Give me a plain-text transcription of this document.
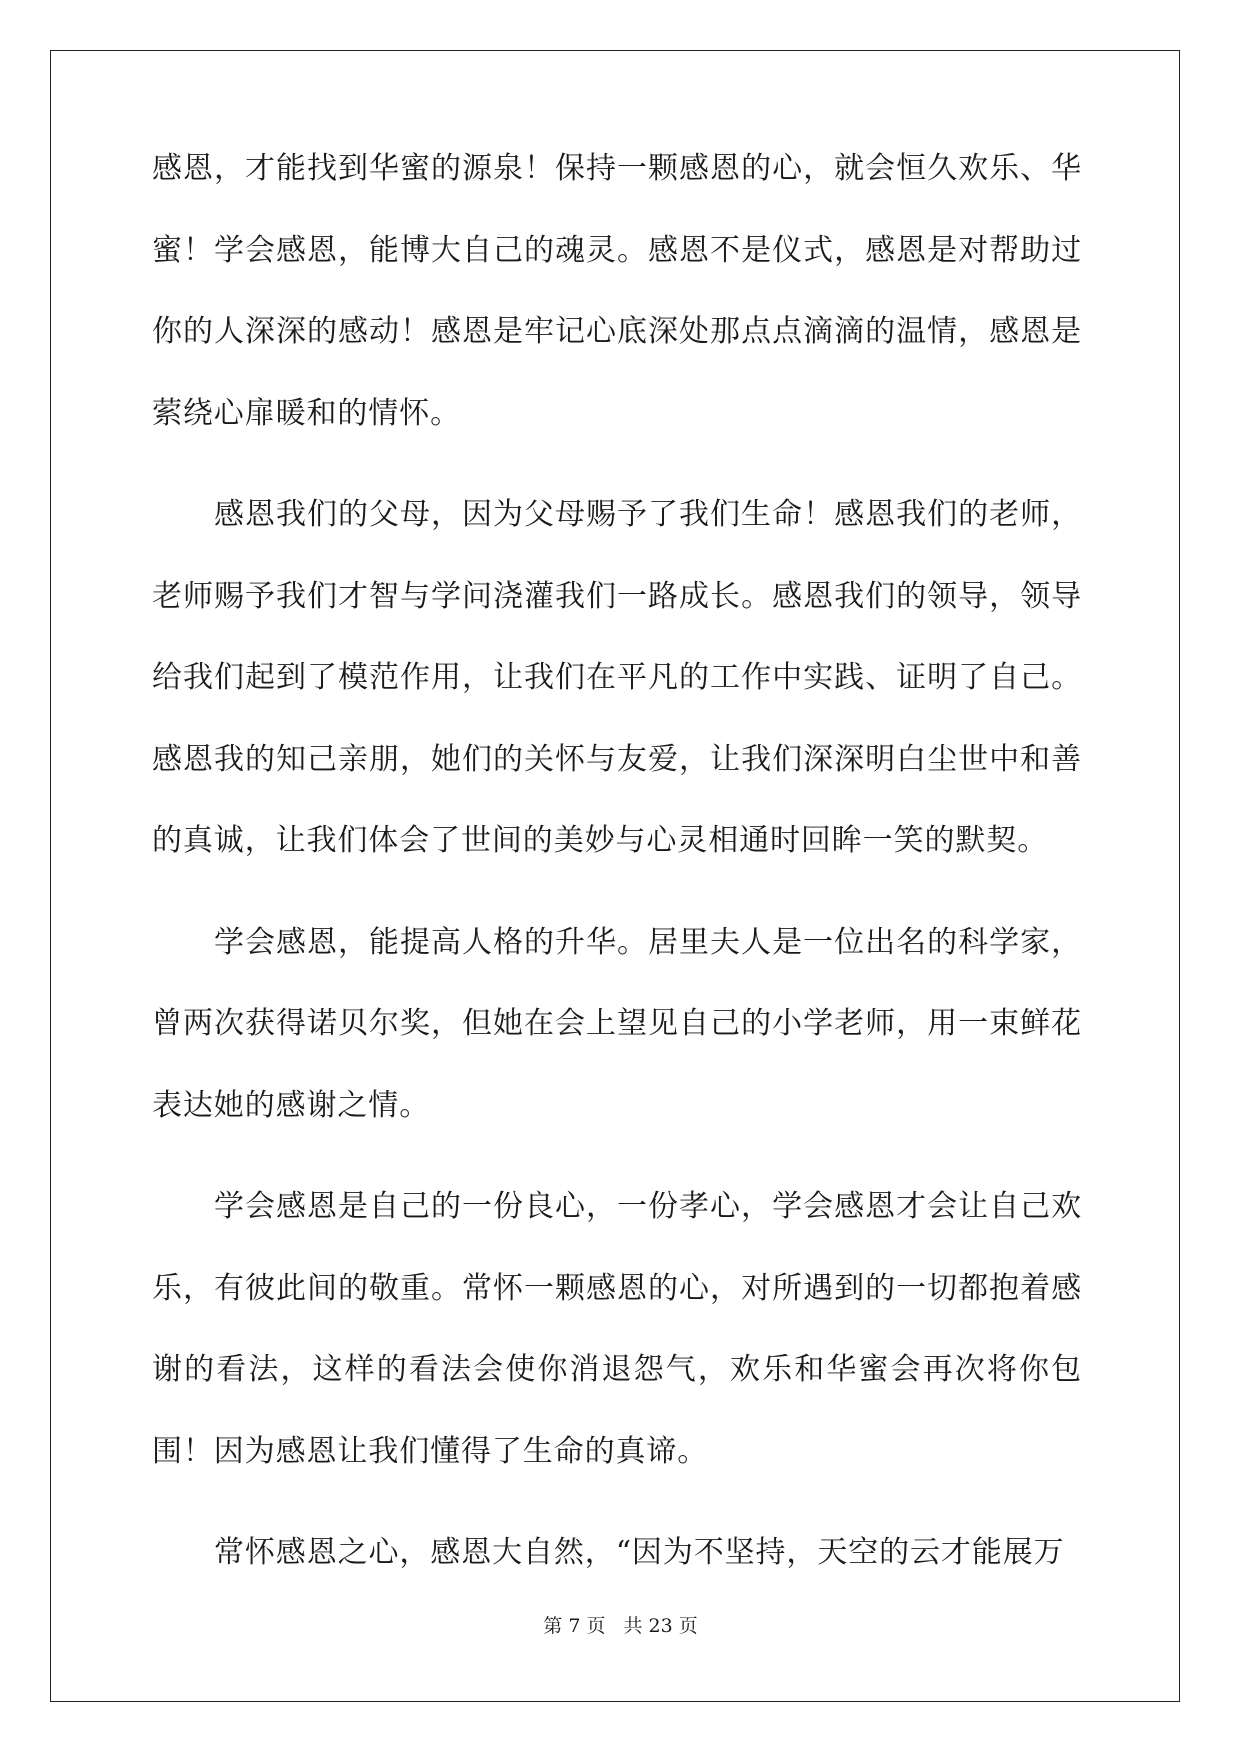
感恩，才能找到华蜜的源泉！保持一颗感恩的心，就会恒久欢乐、华蜜！学会感恩，能博大自己的魂灵。感恩不是仪式，感恩是对帮助过你的人深深的感动！感恩是牢记心底深处那点点滴滴的温情，感恩是萦绕心扉暖和的情怀。

感恩我们的父母，因为父母赐予了我们生命！感恩我们的老师，老师赐予我们才智与学问浇灌我们一路成长。感恩我们的领导，领导给我们起到了模范作用，让我们在平凡的工作中实践、证明了自己。感恩我的知己亲朋，她们的关怀与友爱，让我们深深明白尘世中和善的真诚，让我们体会了世间的美妙与心灵相通时回眸一笑的默契。

学会感恩，能提高人格的升华。居里夫人是一位出名的科学家，曾两次获得诺贝尔奖，但她在会上望见自己的小学老师，用一束鲜花表达她的感谢之情。

学会感恩是自己的一份良心，一份孝心，学会感恩才会让自己欢乐，有彼此间的敬重。常怀一颗感恩的心，对所遇到的一切都抱着感谢的看法，这样的看法会使你消退怨气，欢乐和华蜜会再次将你包围！因为感恩让我们懂得了生命的真谛。

常怀感恩之心，感恩大自然，“因为不坚持，天空的云才能展万

第 7 页 共 23 页
